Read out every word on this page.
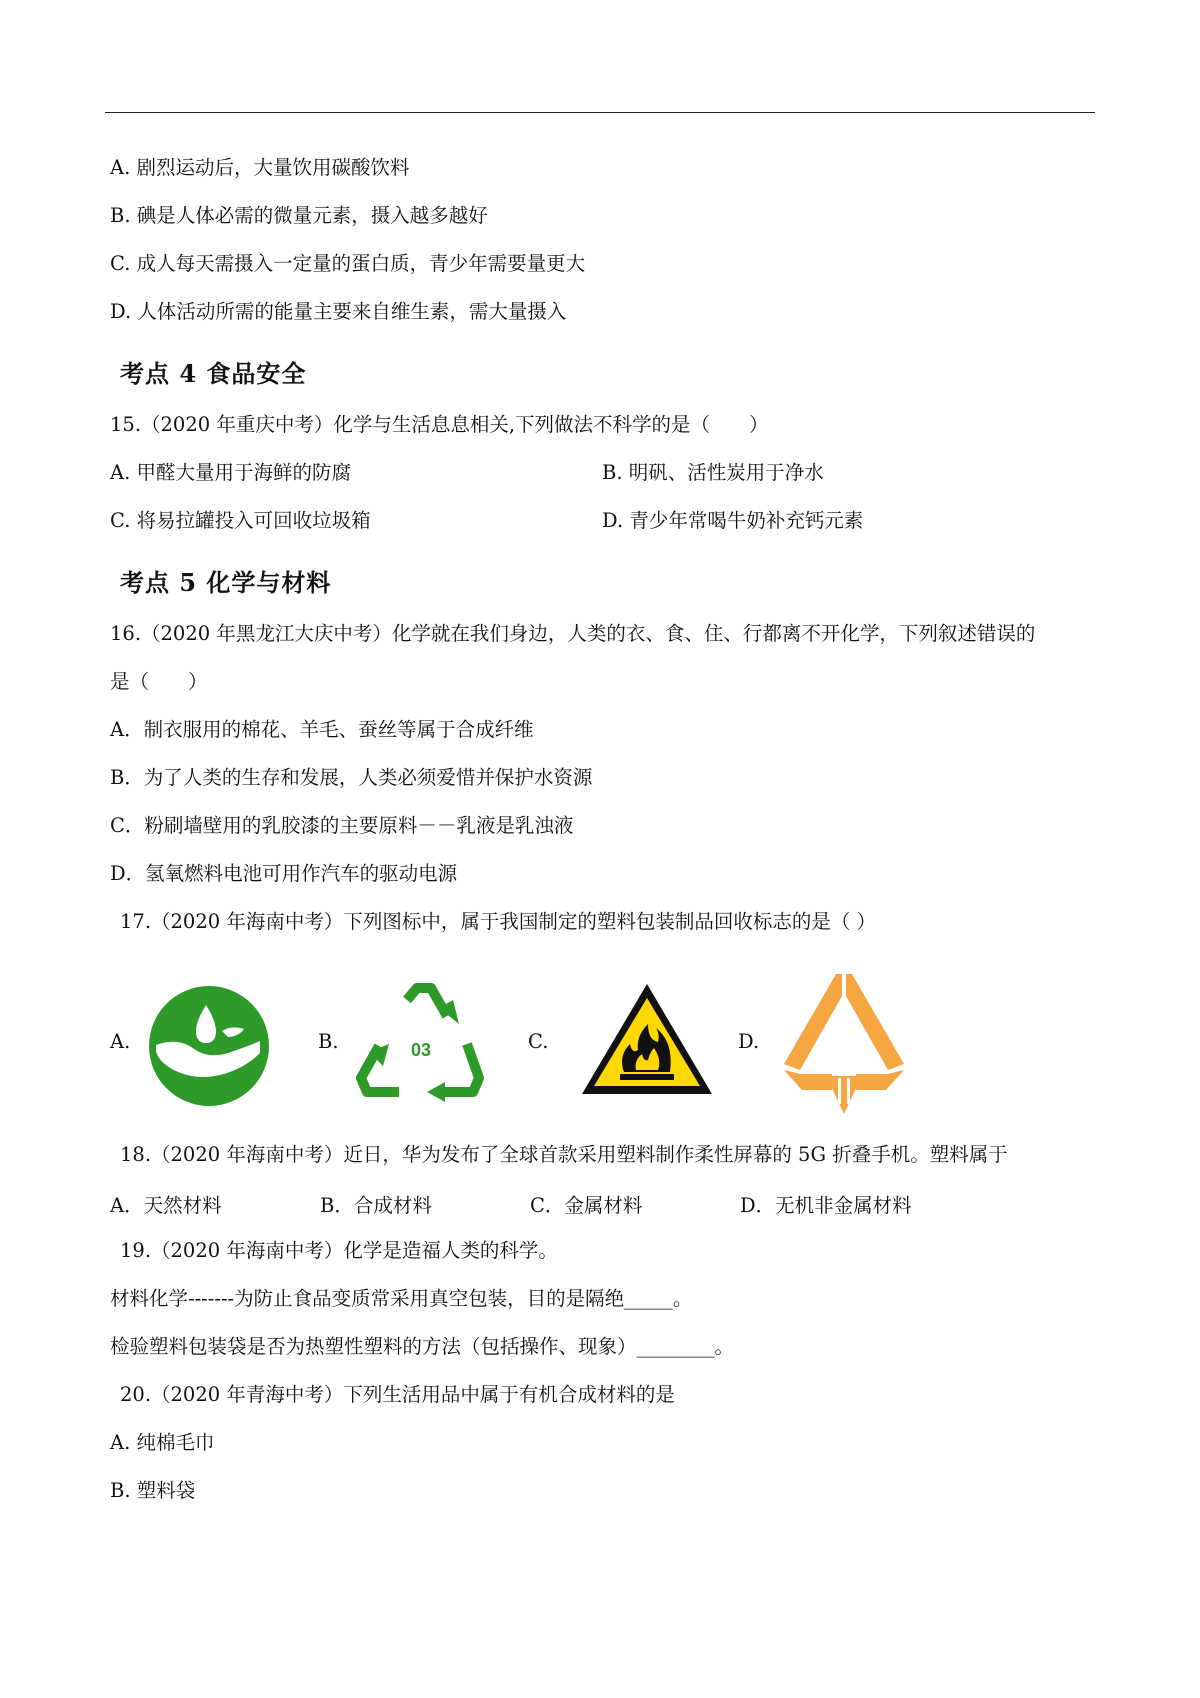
A. 剧烈运动后，大量饮用碳酸饮料
B. 碘是人体必需的微量元素，摄入越多越好
C. 成人每天需摄入一定量的蛋白质，青少年需要量更大
D. 人体活动所需的能量主要来自维生素，需大量摄入
考点 4 食品安全
15.（2020 年重庆中考）化学与生活息息相关,下列做法不科学的是（　　）
A. 甲醛大量用于海鲜的防腐	B. 明矾、活性炭用于净水
C. 将易拉罐投入可回收垃圾箱	D. 青少年常喝牛奶补充钙元素
考点 5 化学与材料
16.（2020 年黑龙江大庆中考）化学就在我们身边，人类的衣、食、住、行都离不开化学，下列叙述错误的
是（　　）
A．制衣服用的棉花、羊毛、蚕丝等属于合成纤维
B．为了人类的生存和发展，人类必须爱惜并保护水资源
C．粉刷墙壁用的乳胶漆的主要原料－－乳液是乳浊液
D．氢氧燃料电池可用作汽车的驱动电源
17.（2020 年海南中考）下列图标中，属于我国制定的塑料包装制品回收标志的是（ ）
A.	B.	03	C.	D.
18.（2020 年海南中考）近日，华为发布了全球首款采用塑料制作柔性屏幕的 5G 折叠手机。塑料属于
A．天然材料	B．合成材料	C．金属材料	D．无机非金属材料
19.（2020 年海南中考）化学是造福人类的科学。
材料化学-------为防止食品变质常采用真空包装，目的是隔绝_____。
检验塑料包装袋是否为热塑性塑料的方法（包括操作、现象）________。
20.（2020 年青海中考）下列生活用品中属于有机合成材料的是
A. 纯棉毛巾
B. 塑料袋
